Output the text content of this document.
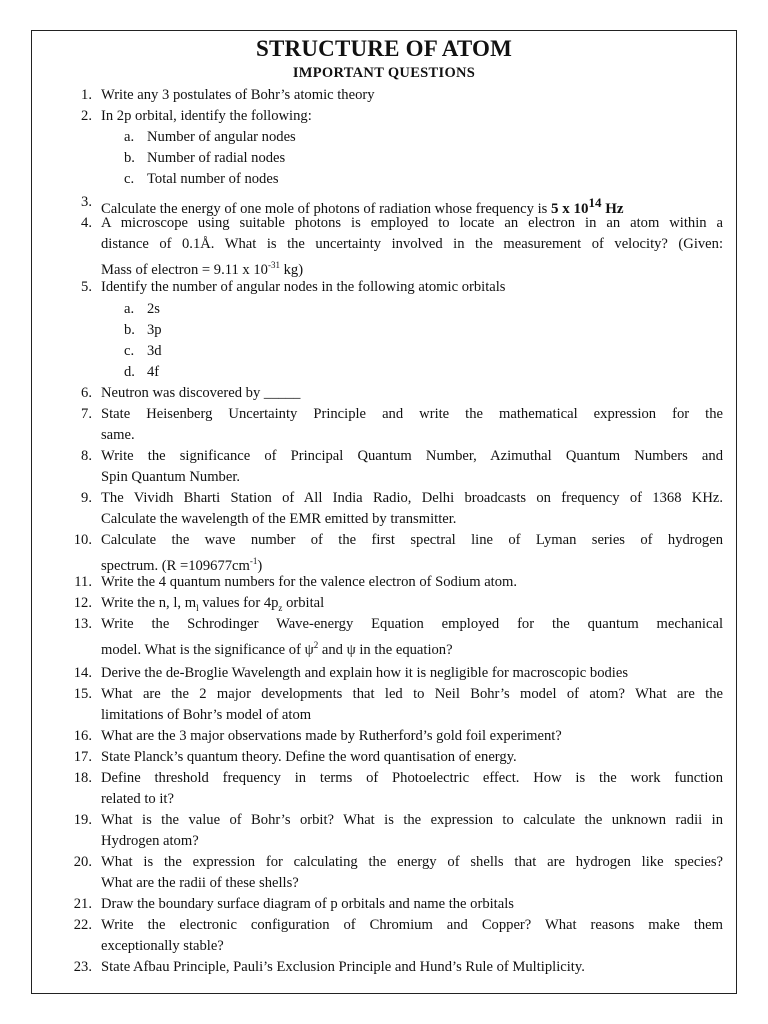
STRUCTURE OF ATOM
IMPORTANT QUESTIONS
1. Write any 3 postulates of Bohr’s atomic theory
2. In 2p orbital, identify the following:
a. Number of angular nodes
b. Number of radial nodes
c. Total number of nodes
3. Calculate the energy of one mole of photons of radiation whose frequency is 5 x $10^{14}$ Hz
4. A microscope using suitable photons is employed to locate an electron in an atom within a
distance of 0.1Å. What is the uncertainty involved in the measurement of velocity? (Given:
Mass of electron = 9.11 x $10^{-31}$ kg)
5. Identify the number of angular nodes in the following atomic orbitals
a. 2s
b. 3p
c. 3d
d. 4f
6. Neutron was discovered by _____
7. State Heisenberg Uncertainty Principle and write the mathematical expression for the
same.
8. Write the significance of Principal Quantum Number, Azimuthal Quantum Numbers and
Spin Quantum Number.
9. The Vividh Bharti Station of All India Radio, Delhi broadcasts on frequency of 1368 KHz.
Calculate the wavelength of the EMR emitted by transmitter.
10. Calculate the wave number of the first spectral line of Lyman series of hydrogen
spectrum. $(R =109677cm^{-1})$
11. Write the 4 quantum numbers for the valence electron of Sodium atom.
12. Write the n, l, $m_l$ values for $4p_z$ orbital
13. Write the Schrodinger Wave-energy Equation employed for the quantum mechanical
model. What is the significance of $\psi^2$ and ψ in the equation?
14. Derive the de-Broglie Wavelength and explain how it is negligible for macroscopic bodies
15. What are the 2 major developments that led to Neil Bohr’s model of atom? What are the
limitations of Bohr’s model of atom
16. What are the 3 major observations made by Rutherford’s gold foil experiment?
17. State Planck’s quantum theory. Define the word quantisation of energy.
18. Define threshold frequency in terms of Photoelectric effect. How is the work function
related to it?
19. What is the value of Bohr’s orbit? What is the expression to calculate the unknown radii in
Hydrogen atom?
20. What is the expression for calculating the energy of shells that are hydrogen like species?
What are the radii of these shells?
21. Draw the boundary surface diagram of p orbitals and name the orbitals
22. Write the electronic configuration of Chromium and Copper? What reasons make them
exceptionally stable?
23. State Afbau Principle, Pauli’s Exclusion Principle and Hund’s Rule of Multiplicity.
